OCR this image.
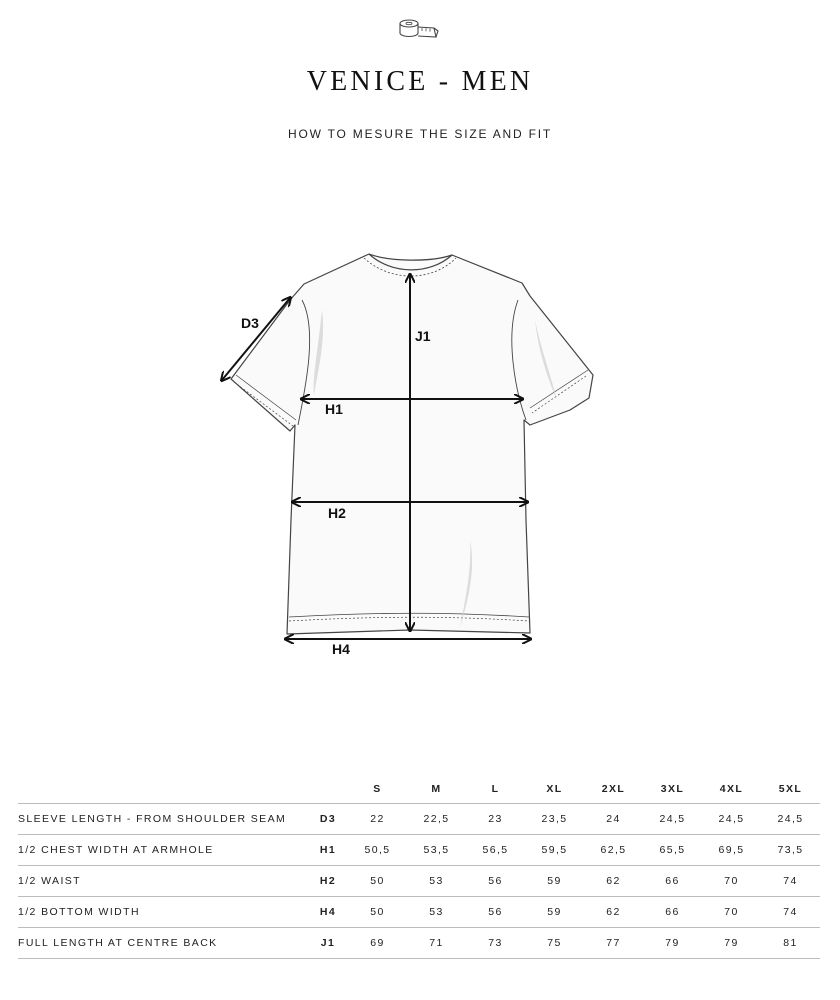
VENICE - MEN
HOW TO MESURE THE SIZE AND FIT
D3
J1
H1
H2
H4
		S	M	L	XL	2XL	3XL	4XL	5XL
SLEEVE LENGTH - FROM SHOULDER SEAM	D3	22	22,5	23	23,5	24	24,5	24,5	24,5
1/2 CHEST WIDTH AT ARMHOLE	H1	50,5	53,5	56,5	59,5	62,5	65,5	69,5	73,5
1/2 WAIST	H2	50	53	56	59	62	66	70	74
1/2 BOTTOM WIDTH	H4	50	53	56	59	62	66	70	74
FULL LENGTH AT CENTRE BACK	J1	69	71	73	75	77	79	79	81
